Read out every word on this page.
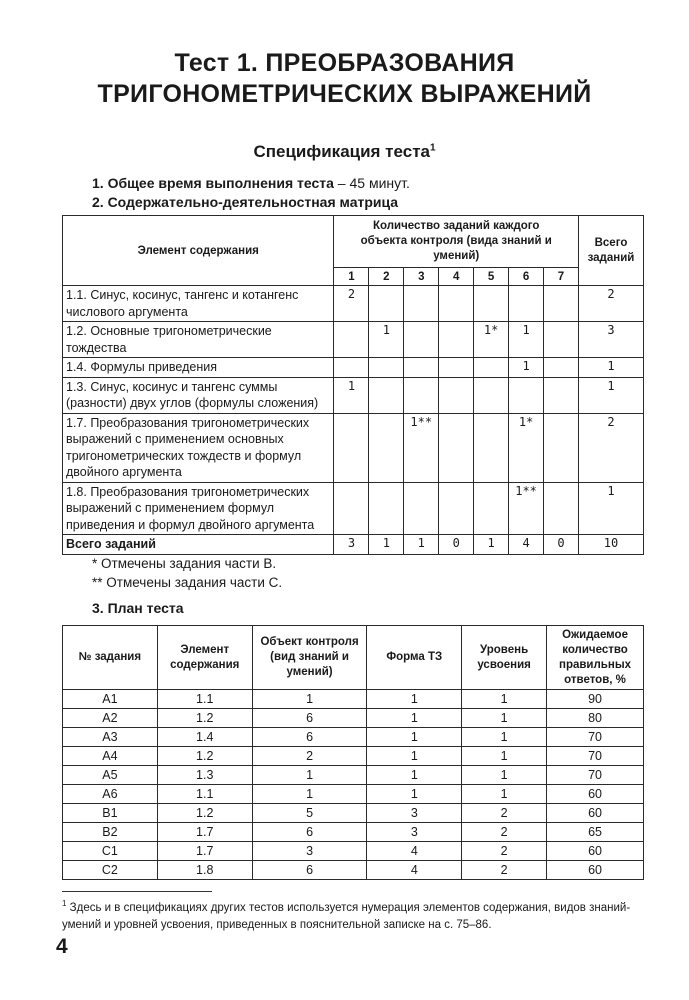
Тест 1. ПРЕОБРАЗОВАНИЯ
ТРИГОНОМЕТРИЧЕСКИХ ВЫРАЖЕНИЙ
Спецификация теста$^1$
1. Общее время выполнения теста – 45 минут.
2. Содержательно-деятельностная матрица
Элемент содержания	Количество заданий каждого объекта контроля (вида знаний и умений)							Всего заданий
	1	2	3	4	5	6	7	
1.1. Синус, косинус, тангенс и котангенс числового аргумента	2							2
1.2. Основные тригонометрические тождества		1			1*	1		3
1.4. Формулы приведения						1		1
1.3. Синус, косинус и тангенс суммы (разности) двух углов (формулы сложения)	1							1
1.7. Преобразования тригонометрических выражений с применением основных тригонометрических тождеств и формул двойного аргумента			1**			1*		2
1.8. Преобразования тригонометрических выражений с применением формул приведения и формул двойного аргумента						1**		1
Всего заданий	3	1	1	0	1	4	0	10
* Отмечены задания части В.
** Отмечены задания части С.
3. План теста
№ задания	Элемент содержания	Объект контроля (вид знаний и умений)	Форма ТЗ	Уровень усвоения	Ожидаемое количество правильных ответов, %
A1	1.1	1	1	1	90
A2	1.2	6	1	1	80
A3	1.4	6	1	1	70
A4	1.2	2	1	1	70
A5	1.3	1	1	1	70
A6	1.1	1	1	1	60
B1	1.2	5	3	2	60
B2	1.7	6	3	2	65
C1	1.7	3	4	2	60
C2	1.8	6	4	2	60
$^1$ Здесь и в спецификациях других тестов используется нумерация элементов содержания, видов знаний-умений и уровней усвоения, приведенных в пояснительной записке на с. 75–86.
4
